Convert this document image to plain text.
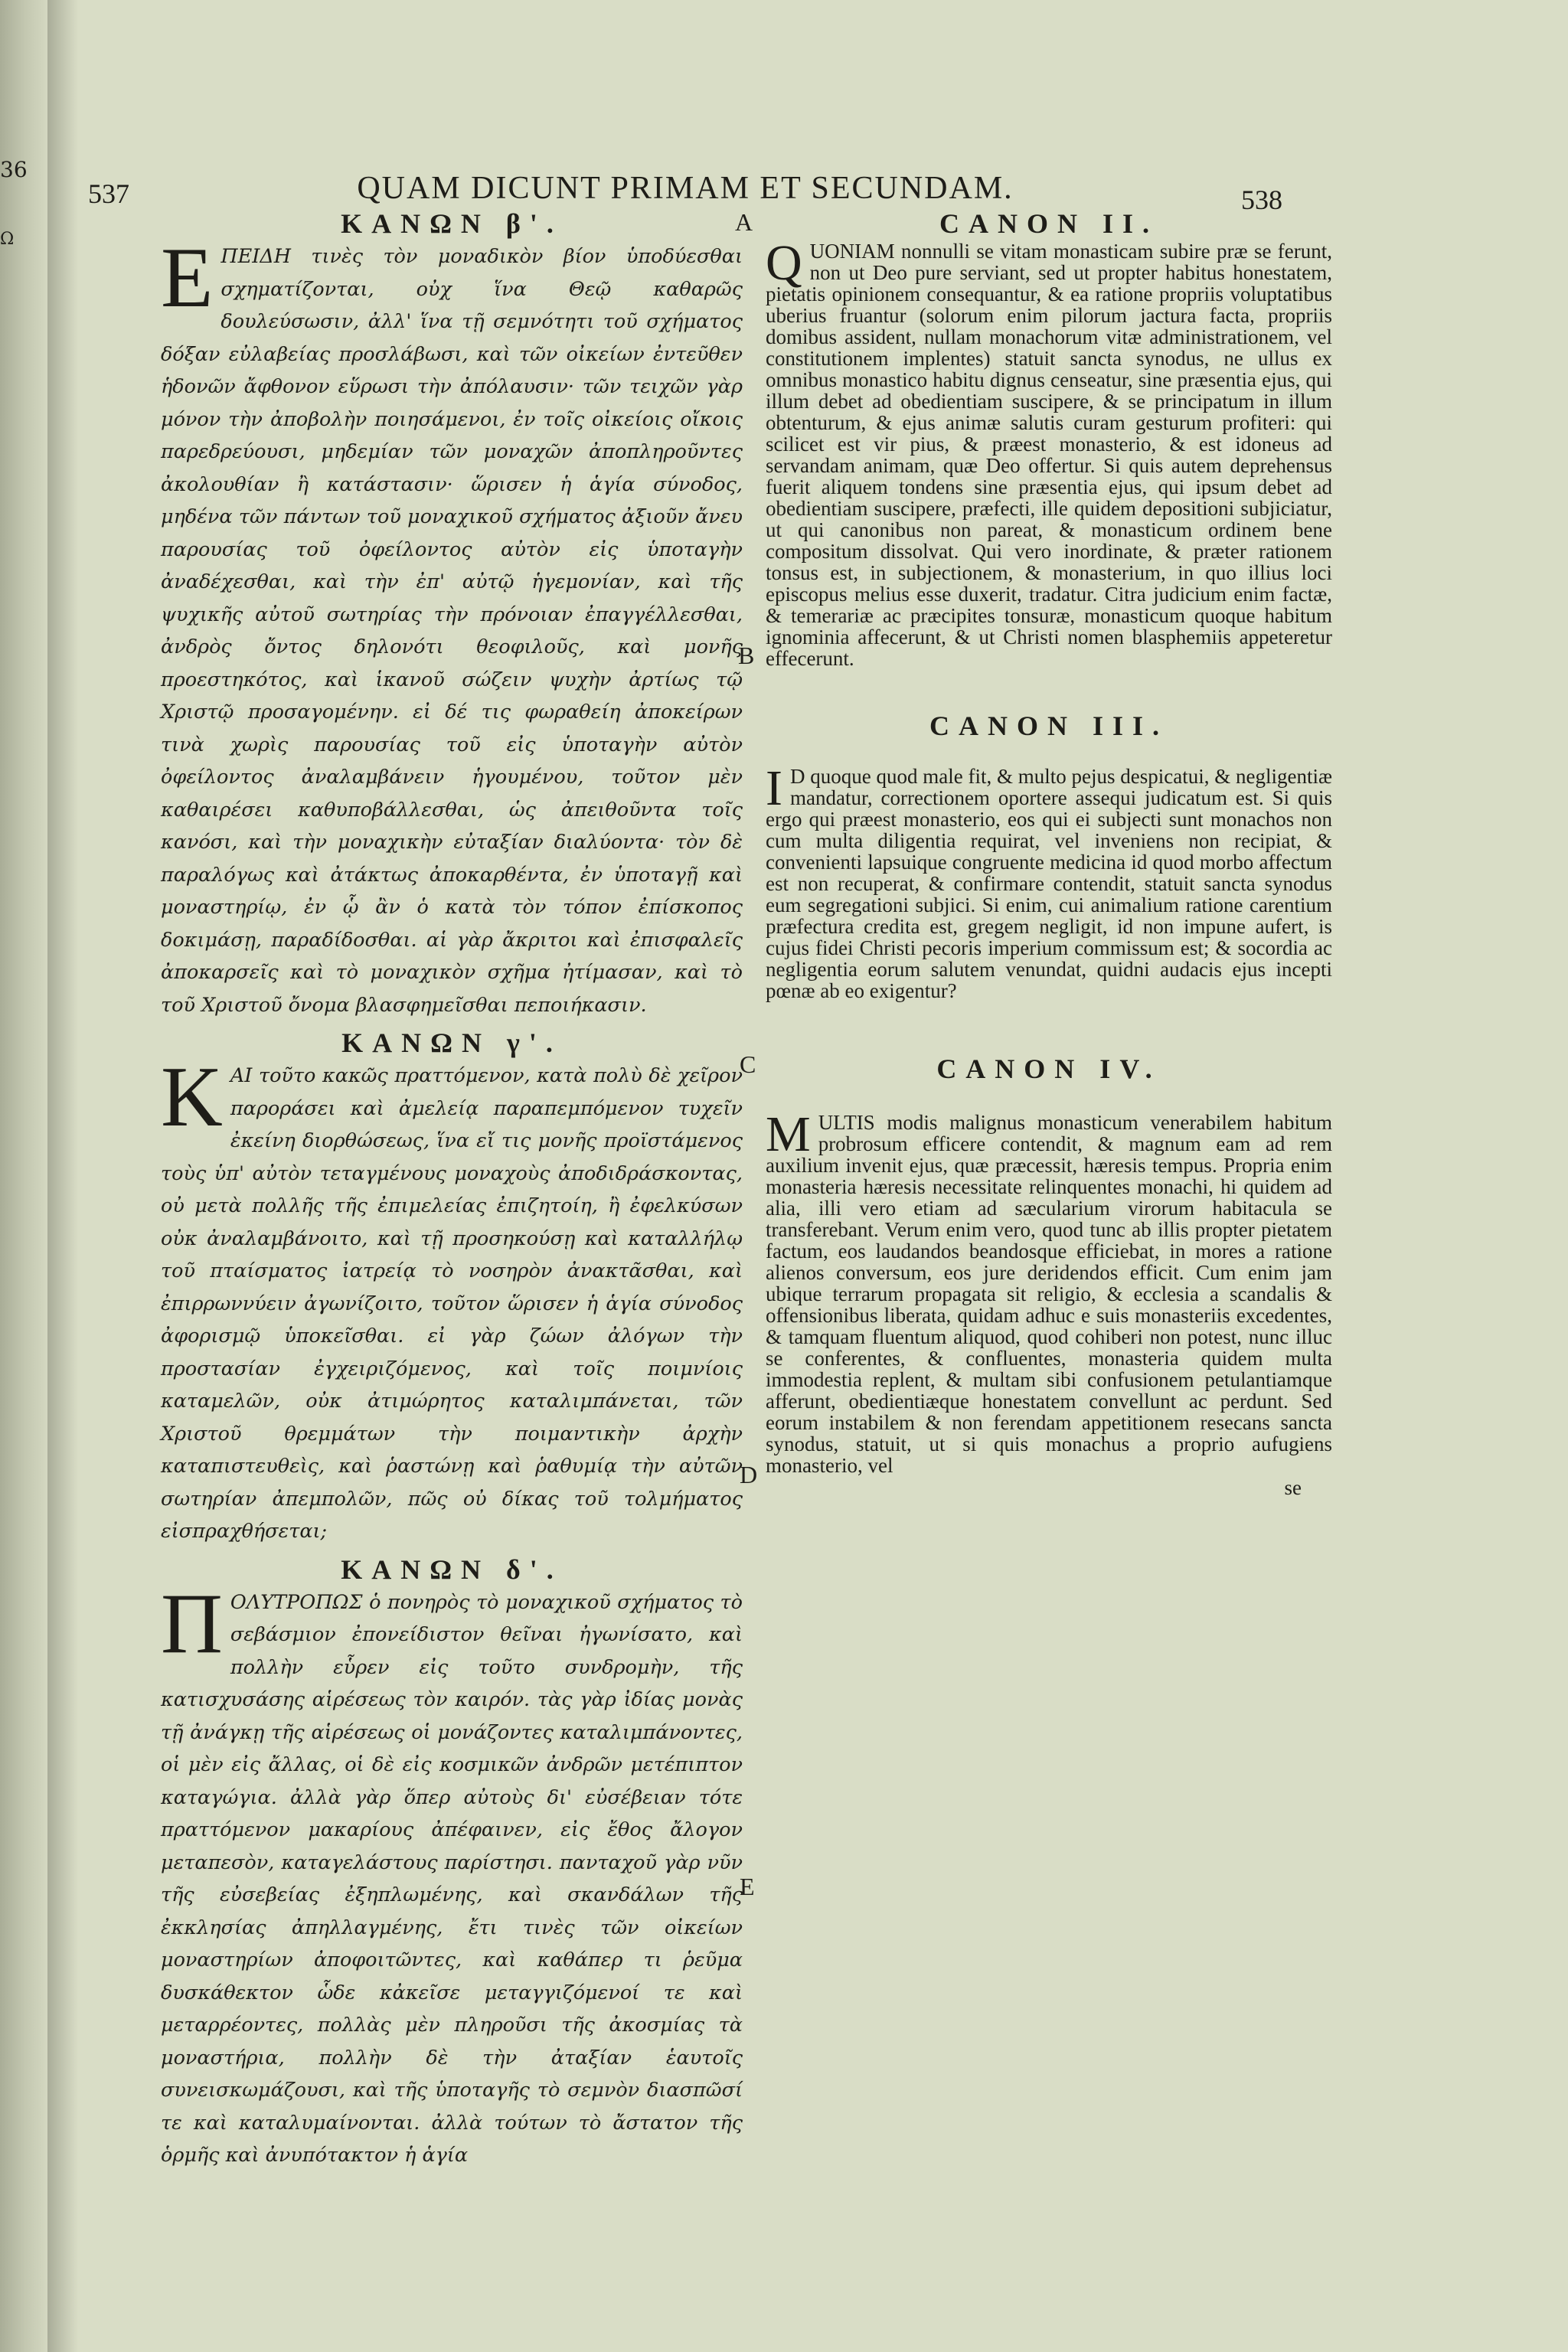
36
Ω
537	QUAM DICUNT PRIMAM ET SECUNDAM.	538
ΚΑΝΩΝ β'.

ΕΠΕΙΔΗ τινὲς τὸν μοναδικὸν βίον ὑποδύεσθαι σχηματίζονται, οὐχ ἵνα Θεῷ καθαρῶς δουλεύσωσιν, ἀλλ' ἵνα τῇ σεμνότητι τοῦ σχήματος δόξαν εὐλαβείας προσλάβωσι, καὶ τῶν οἰκείων ἐντεῦθεν ἡδονῶν ἄφθονον εὕρωσι τὴν ἀπόλαυσιν· τῶν τειχῶν γὰρ μόνον τὴν ἀποβολὴν ποιησάμενοι, ἐν τοῖς οἰκείοις οἴκοις παρεδρεύουσι, μηδεμίαν τῶν μοναχῶν ἀποπληροῦντες ἀκολουθίαν ἢ κατάστασιν· ὥρισεν ἡ ἁγία σύνοδος, μηδένα τῶν πάντων τοῦ μοναχικοῦ σχήματος ἀξιοῦν ἄνευ παρουσίας τοῦ ὀφείλοντος αὐτὸν εἰς ὑποταγὴν ἀναδέχεσθαι, καὶ τὴν ἐπ' αὐτῷ ἡγεμονίαν, καὶ τῆς ψυχικῆς αὐτοῦ σωτηρίας τὴν πρόνοιαν ἐπαγγέλλεσθαι, ἀνδρὸς ὄντος δηλονότι θεοφιλοῦς, καὶ μονῆς προεστηκότος, καὶ ἱκανοῦ σώζειν ψυχὴν ἀρτίως τῷ Χριστῷ προσαγομένην. εἰ δέ τις φωραθείη ἀποκείρων τινὰ χωρὶς παρουσίας τοῦ εἰς ὑποταγὴν αὐτὸν ὀφείλοντος ἀναλαμβάνειν ἡγουμένου, τοῦτον μὲν καθαιρέσει καθυποβάλλεσθαι, ὡς ἀπειθοῦντα τοῖς κανόσι, καὶ τὴν μοναχικὴν εὐταξίαν διαλύοντα· τὸν δὲ παραλόγως καὶ ἀτάκτως ἀποκαρθέντα, ἐν ὑποταγῇ καὶ μοναστηρίῳ, ἐν ᾧ ἂν ὁ κατὰ τὸν τόπον ἐπίσκοπος δοκιμάσῃ, παραδίδοσθαι. αἱ γὰρ ἄκριτοι καὶ ἐπισφαλεῖς ἀποκαρσεῖς καὶ τὸ μοναχικὸν σχῆμα ἠτίμασαν, καὶ τὸ τοῦ Χριστοῦ ὄνομα βλασφημεῖσθαι πεποιήκασιν.

ΚΑΝΩΝ γ'.

ΚΑΙ τοῦτο κακῶς πραττόμενον, κατὰ πολὺ δὲ χεῖρον παροράσει καὶ ἀμελείᾳ παραπεμπόμενον τυχεῖν ἐκείνη διορθώσεως, ἵνα εἴ τις μονῆς προϊστάμενος τοὺς ὑπ' αὐτὸν τεταγμένους μοναχοὺς ἀποδιδράσκοντας, οὐ μετὰ πολλῆς τῆς ἐπιμελείας ἐπιζητοίη, ἢ ἐφελκύσων οὐκ ἀναλαμβάνοιτο, καὶ τῇ προσηκούσῃ καὶ καταλλήλῳ τοῦ πταίσματος ἰατρείᾳ τὸ νοσηρὸν ἀνακτᾶσθαι, καὶ ἐπιρρωννύειν ἀγωνίζοιτο, τοῦτον ὥρισεν ἡ ἁγία σύνοδος ἀφορισμῷ ὑποκεῖσθαι. εἰ γὰρ ζώων ἀλόγων τὴν προστασίαν ἐγχειριζόμενος, καὶ τοῖς ποιμνίοις καταμελῶν, οὐκ ἀτιμώρητος καταλιμπάνεται, τῶν Χριστοῦ θρεμμάτων τὴν ποιμαντικὴν ἀρχὴν καταπιστευθεὶς, καὶ ῥαστώνῃ καὶ ῥαθυμίᾳ τὴν αὐτῶν σωτηρίαν ἀπεμπολῶν, πῶς οὐ δίκας τοῦ τολμήματος εἰσπραχθήσεται;

ΚΑΝΩΝ δ'.

ΠΟΛΥΤΡΟΠΩΣ ὁ πονηρὸς τὸ μοναχικοῦ σχήματος τὸ σεβάσμιον ἐπονείδιστον θεῖναι ἠγωνίσατο, καὶ πολλὴν εὗρεν εἰς τοῦτο συνδρομὴν, τῆς κατισχυσάσης αἱρέσεως τὸν καιρόν. τὰς γὰρ ἰδίας μονὰς τῇ ἀνάγκῃ τῆς αἱρέσεως οἱ μονάζοντες καταλιμπάνοντες, οἱ μὲν εἰς ἄλλας, οἱ δὲ εἰς κοσμικῶν ἀνδρῶν μετέπιπτον καταγώγια. ἀλλὰ γὰρ ὅπερ αὐτοὺς δι' εὐσέβειαν τότε πραττόμενον μακαρίους ἀπέφαινεν, εἰς ἔθος ἄλογον μεταπεσὸν, καταγελάστους παρίστησι. πανταχοῦ γὰρ νῦν τῆς εὐσεβείας ἐξηπλωμένης, καὶ σκανδάλων τῆς ἐκκλησίας ἀπηλλαγμένης, ἔτι τινὲς τῶν οἰκείων μοναστηρίων ἀποφοιτῶντες, καὶ καθάπερ τι ῥεῦμα δυσκάθεκτον ὧδε κἀκεῖσε μεταγγιζόμενοί τε καὶ μεταρρέοντες, πολλὰς μὲν πληροῦσι τῆς ἀκοσμίας τὰ μοναστήρια, πολλὴν δὲ τὴν ἀταξίαν ἑαυτοῖς συνεισκωμάζουσι, καὶ τῆς ὑποταγῆς τὸ σεμνὸν διασπῶσί τε καὶ καταλυμαίνονται. ἀλλὰ τούτων τὸ ἄστατον τῆς ὁρμῆς καὶ ἀνυπότακτον ἡ ἁγία

A
B
C
D
E
CANON II.

QUONIAM nonnulli se vitam monasticam subire præ se ferunt, non ut Deo pure serviant, sed ut propter habitus honestatem, pietatis opinionem consequantur, & ea ratione propriis voluptatibus uberius fruantur (solorum enim pilorum jactura facta, propriis domibus assident, nullam monachorum vitæ administrationem, vel constitutionem implentes) statuit sancta synodus, ne ullus ex omnibus monastico habitu dignus censeatur, sine præsentia ejus, qui illum debet ad obedientiam suscipere, & se principatum in illum obtenturum, & ejus animæ salutis curam gesturum profiteri: qui scilicet est vir pius, & præest monasterio, & est idoneus ad servandam animam, quæ Deo offertur. Si quis autem deprehensus fuerit aliquem tondens sine præsentia ejus, qui ipsum debet ad obedientiam suscipere, præfecti, ille quidem depositioni subjiciatur, ut qui canonibus non pareat, & monasticum ordinem bene compositum dissolvat. Qui vero inordinate, & præter rationem tonsus est, in subjectionem, & monasterium, in quo illius loci episcopus melius esse duxerit, tradatur. Citra judicium enim factæ, & temerariæ ac præcipites tonsuræ, monasticum quoque habitum ignominia affecerunt, & ut Christi nomen blasphemiis appeteretur effecerunt.

CANON III.

I D quoque quod male fit, & multo pejus despicatui, & negligentiæ mandatur, correctionem oportere assequi judicatum est. Si quis ergo qui præest monasterio, eos qui ei subjecti sunt monachos non cum multa diligentia requirat, vel inveniens non recipiat, & convenienti lapsuique congruente medicina id quod morbo affectum est non recuperat, & confirmare contendit, statuit sancta synodus eum segregationi subjici. Si enim, cui animalium ratione carentium præfectura credita est, gregem negligit, id non impune aufert, is cujus fidei Christi pecoris imperium commissum est; & socordia ac negligentia eorum salutem venundat, quidni audacis ejus incepti pœnæ ab eo exigentur?

CANON IV.

MULTIS modis malignus monasticum venerabilem habitum probrosum efficere contendit, & magnum eam ad rem auxilium invenit ejus, quæ præcessit, hæresis tempus. Propria enim monasteria hæresis necessitate relinquentes monachi, hi quidem ad alia, illi vero etiam ad sæcularium virorum habitacula se transferebant. Verum enim vero, quod tunc ab illis propter pietatem factum, eos laudandos beandosque efficiebat, in mores a ratione alienos conversum, eos jure deridendos efficit. Cum enim jam ubique terrarum propagata sit religio, & ecclesia a scandalis & offensionibus liberata, quidam adhuc e suis monasteriis excedentes, & tamquam fluentum aliquod, quod cohiberi non potest, nunc illuc se conferentes, & confluentes, monasteria quidem multa immodestia replent, & multam sibi confusionem petulantiamque afferunt, obedientiæque honestatem convellunt ac perdunt. Sed eorum instabilem & non ferendam appetitionem resecans sancta synodus, statuit, ut si quis monachus a proprio aufugiens monasterio, vel

se
